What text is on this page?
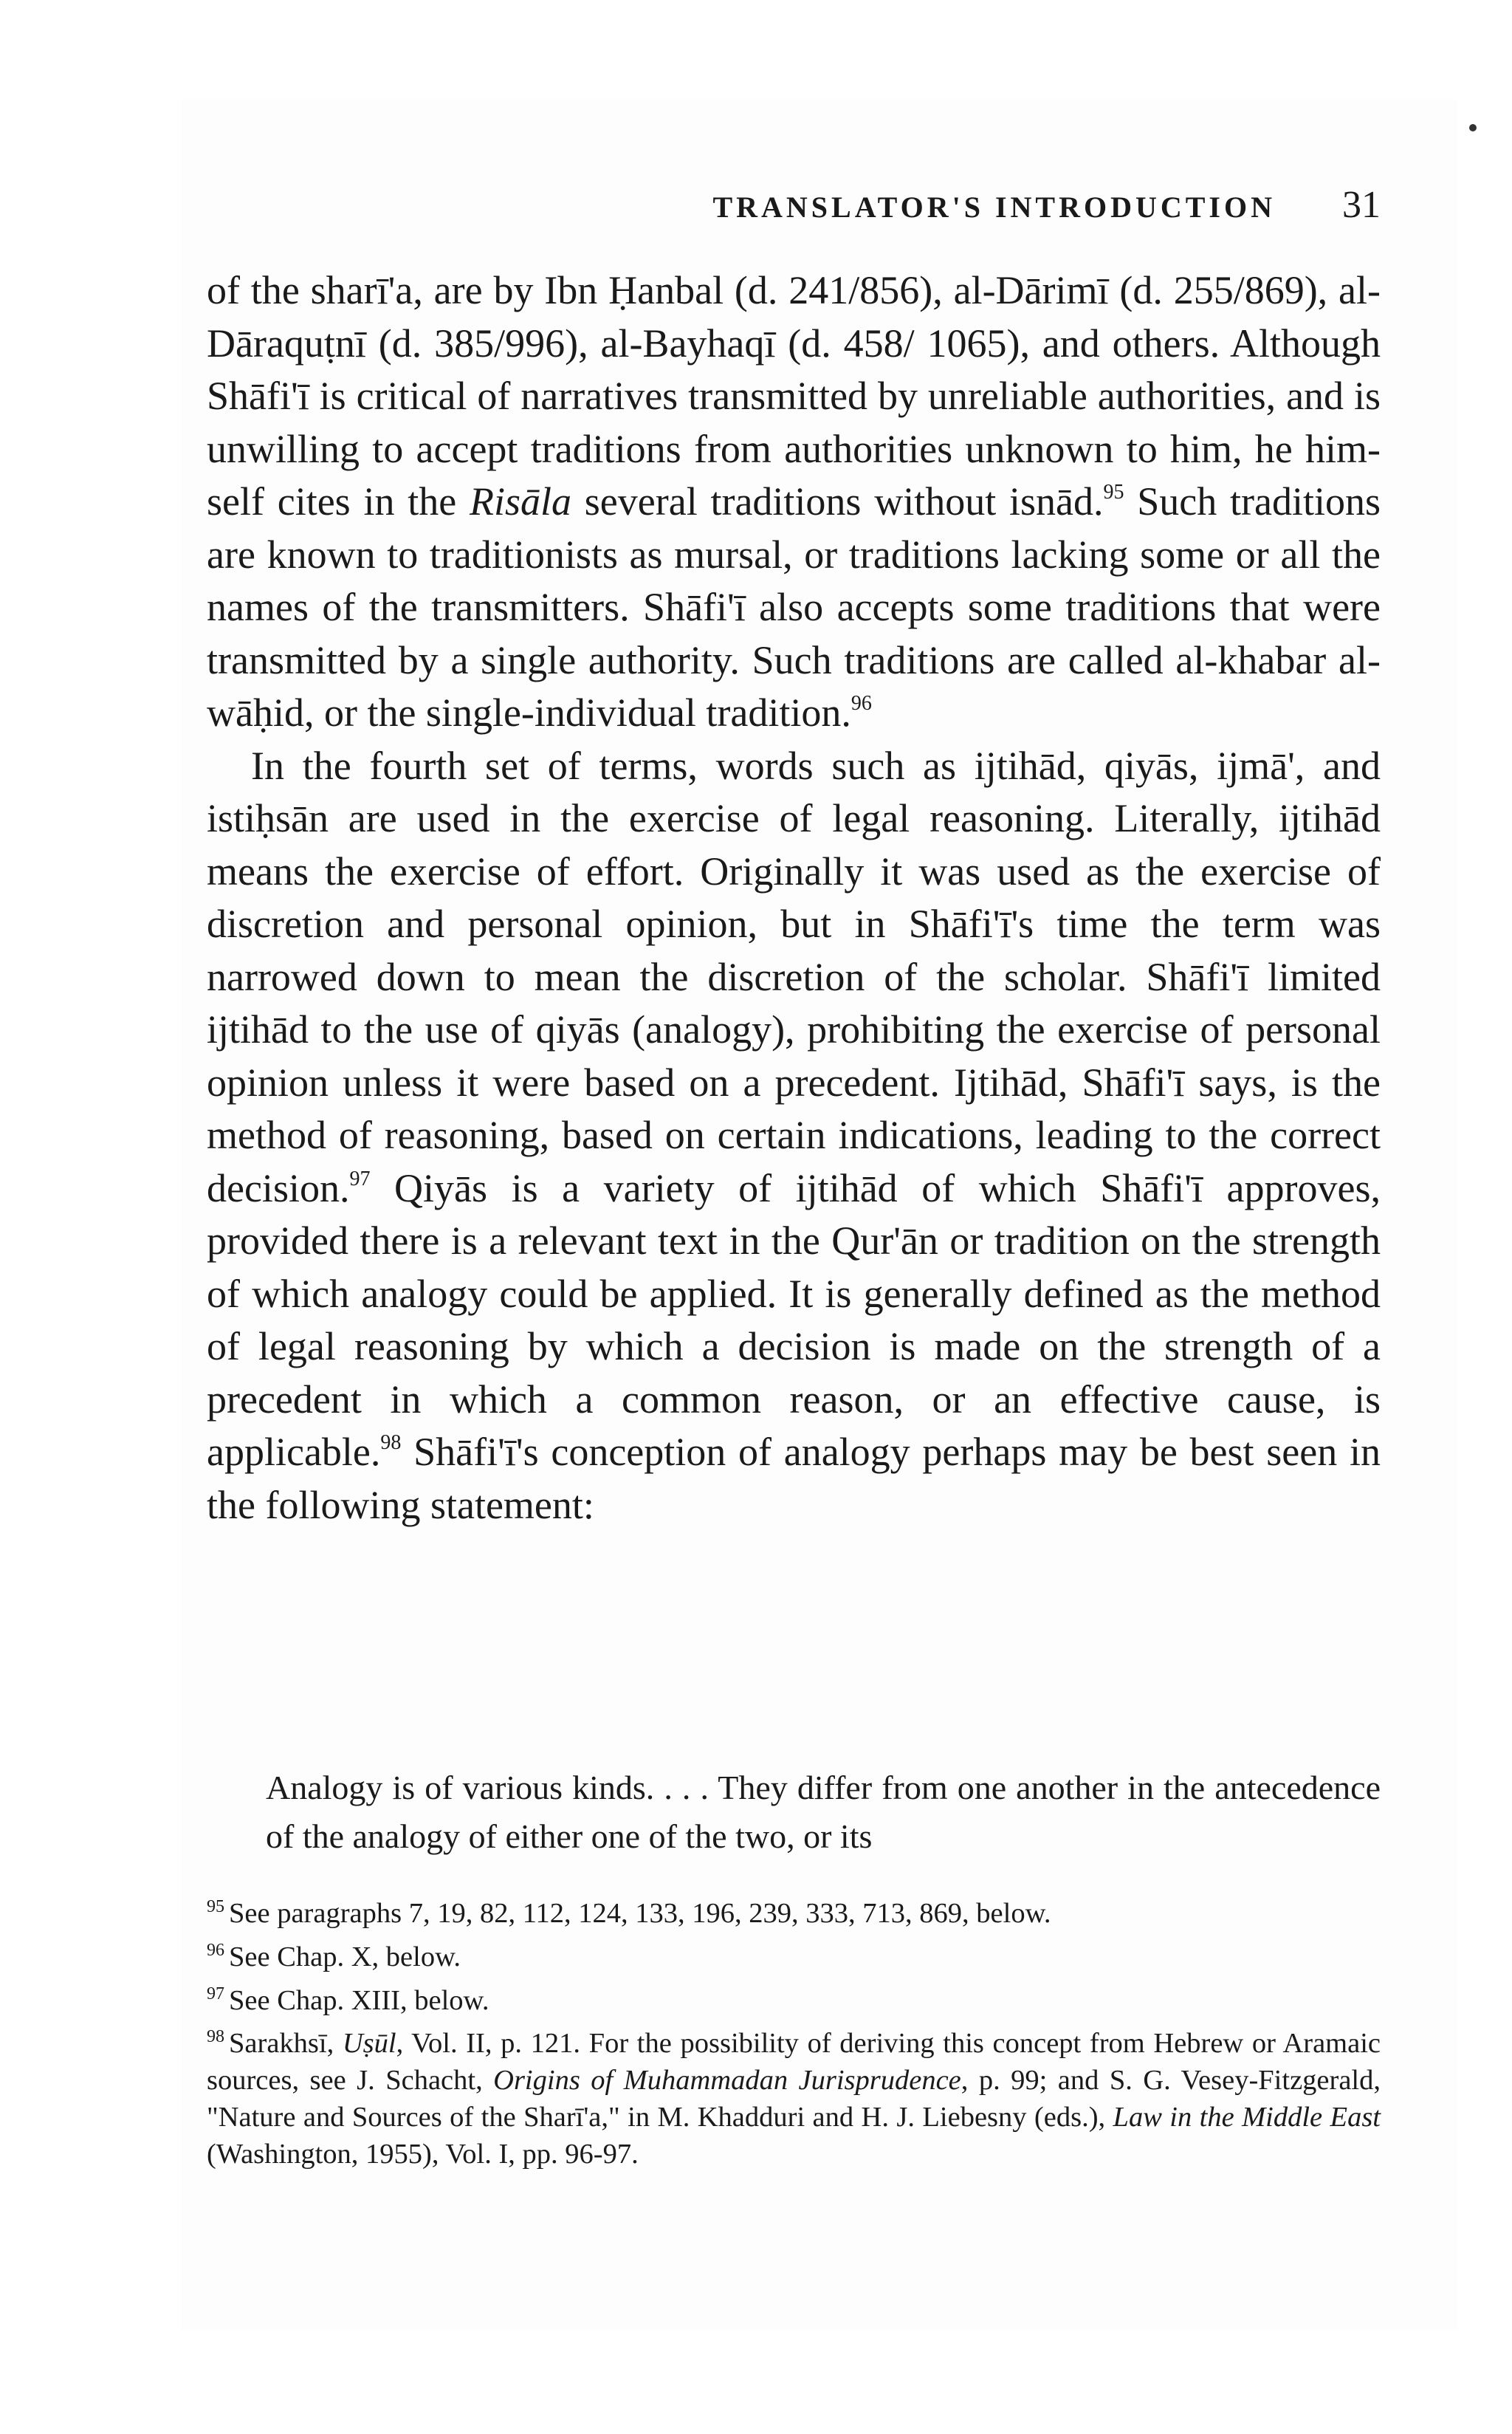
TRANSLATOR'S INTRODUCTION 31

of the sharī'a, are by Ibn Ḥanbal (d. 241/856), al-Dārimī (d. 255/869), al-Dāraquṭnī (d. 385/996), al-Bayhaqī (d. 458/ 1065), and others. Although Shāfi'ī is critical of narratives transmitted by unreliable authorities, and is unwilling to accept traditions from authorities unknown to him, he him- self cites in the Risāla several traditions without isnād.$^{95}$ Such traditions are known to traditionists as mursal, or traditions lacking some or all the names of the transmitters. Shāfi'ī also accepts some traditions that were transmitted by a single authority. Such traditions are called al-khabar al-wāḥid, or the single-individual tradition.$^{96}$

In the fourth set of terms, words such as ijtihād, qiyās, ijmā', and istiḥsān are used in the exercise of legal reasoning. Literally, ijtihād means the exercise of effort. Originally it was used as the exercise of discretion and personal opinion, but in Shāfi'ī's time the term was narrowed down to mean the discretion of the scholar. Shāfi'ī limited ijtihād to the use of qiyās (analogy), prohibiting the exercise of personal opinion unless it were based on a precedent. Ijtihād, Shāfi'ī says, is the method of reasoning, based on certain indications, leading to the correct decision.$^{97}$ Qiyās is a variety of ijtihād of which Shāfi'ī approves, provided there is a relevant text in the Qur'ān or tradition on the strength of which analogy could be applied. It is generally defined as the method of legal reasoning by which a decision is made on the strength of a precedent in which a common reason, or an effective cause, is applicable.$^{98}$ Shāfi'ī's conception of analogy perhaps may be best seen in the following statement:

Analogy is of various kinds. . . . They differ from one another in the antecedence of the analogy of either one of the two, or its

$^{95}$ See paragraphs 7, 19, 82, 112, 124, 133, 196, 239, 333, 713, 869, below.

$^{96}$ See Chap. X, below.

$^{97}$ See Chap. XIII, below.

$^{98}$ Sarakhsī, Uṣūl, Vol. II, p. 121. For the possibility of deriving this concept from Hebrew or Aramaic sources, see J. Schacht, Origins of Muhammadan Jurisprudence, p. 99; and S. G. Vesey-Fitzgerald, "Nature and Sources of the Sharī'a," in M. Khadduri and H. J. Liebesny (eds.), Law in the Middle East (Washington, 1955), Vol. I, pp. 96-97.
